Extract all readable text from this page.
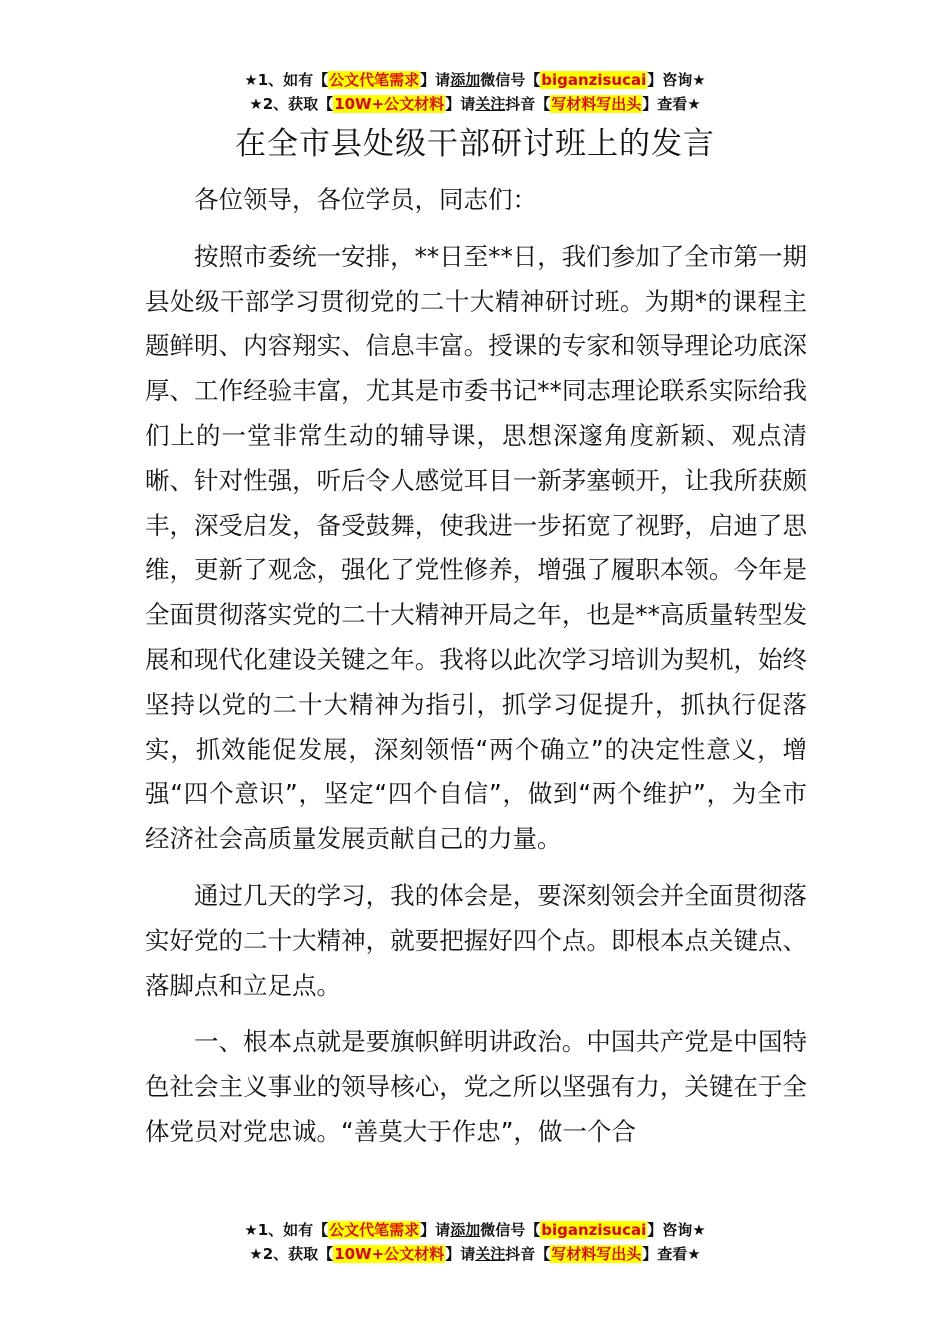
★1、如有【公文代笔需求】请添加微信号【biganzisucai】咨询★
★2、获取【10W+公文材料】请关注抖音【写材料写出头】查看★
在全市县处级干部研讨班上的发言

各位领导，各位学员，同志们：

按照市委统一安排，**日至**日，我们参加了全市第一期县处级干部学习贯彻党的二十大精神研讨班。为期*的课程主题鲜明、内容翔实、信息丰富。授课的专家和领导理论功底深厚、工作经验丰富，尤其是市委书记**同志理论联系实际给我们上的一堂非常生动的辅导课，思想深邃角度新颖、观点清晰、针对性强，听后令人感觉耳目一新茅塞顿开，让我所获颇丰，深受启发，备受鼓舞，使我进一步拓宽了视野，启迪了思维，更新了观念，强化了党性修养，增强了履职本领。今年是全面贯彻落实党的二十大精神开局之年，也是**高质量转型发展和现代化建设关键之年。我将以此次学习培训为契机，始终坚持以党的二十大精神为指引，抓学习促提升，抓执行促落实，抓效能促发展，深刻领悟“两个确立”的决定性意义，增强“四个意识”，坚定“四个自信”，做到“两个维护”，为全市经济社会高质量发展贡献自己的力量。

通过几天的学习，我的体会是，要深刻领会并全面贯彻落实好党的二十大精神，就要把握好四个点。即根本点关键点、落脚点和立足点。

一、根本点就是要旗帜鲜明讲政治。中国共产党是中国特色社会主义事业的领导核心，党之所以坚强有力，关键在于全体党员对党忠诚。“善莫大于作忠”，做一个合

★1、如有【公文代笔需求】请添加微信号【biganzisucai】咨询★
★2、获取【10W+公文材料】请关注抖音【写材料写出头】查看★
